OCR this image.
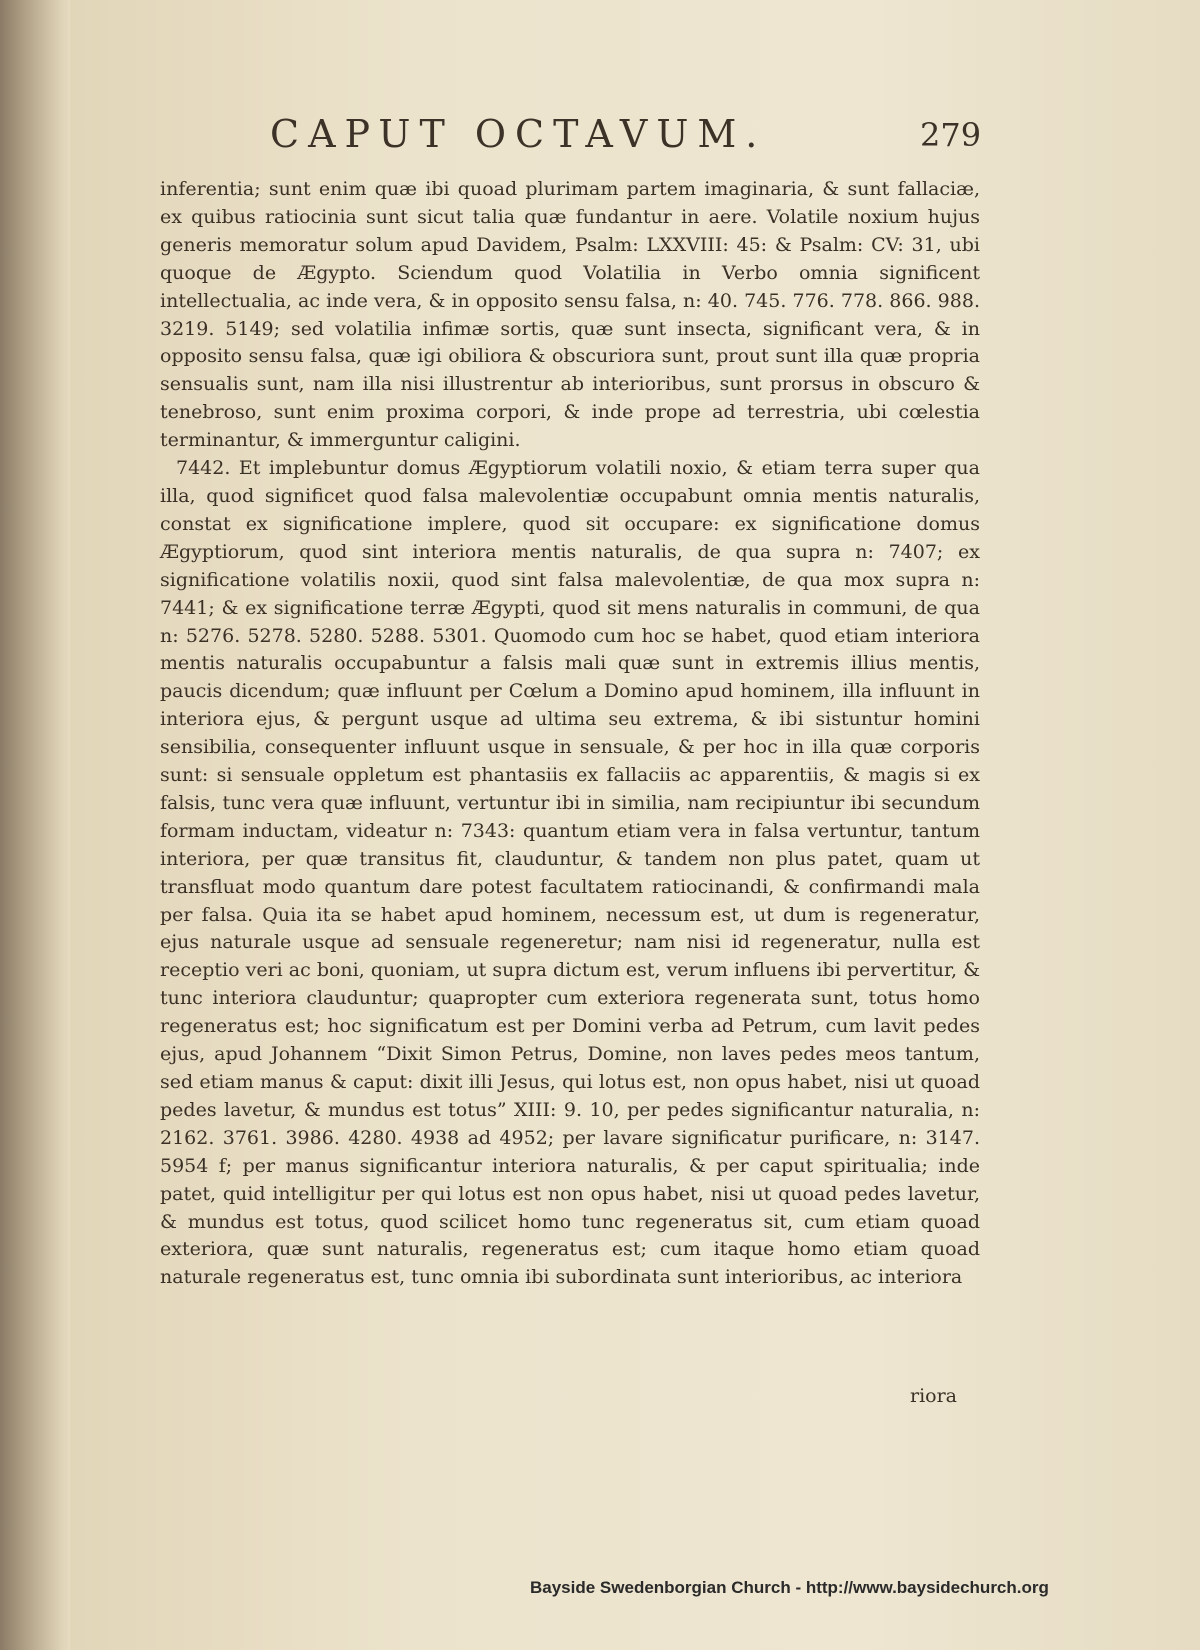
CAPUT OCTAVUM.	279

inferentia; sunt enim quæ ibi quoad plurimam partem imaginaria, & sunt fallaciæ, ex quibus ratiocinia sunt sicut talia quæ fundantur in aere. Volatile noxium hujus generis memoratur solum apud Davidem, Psalm: LXXVIII: 45: & Psalm: CV: 31, ubi quoque de Ægypto. Sciendum quod Volatilia in Verbo omnia significent intellectualia, ac inde vera, & in opposito sensu falsa, n: 40. 745. 776. 778. 866. 988. 3219. 5149; sed volatilia infimæ sortis, quæ sunt insecta, significant vera, & in opposito sensu falsa, quæ igi obiliora & obscuriora sunt, prout sunt illa quæ propria sensualis sunt, nam illa nisi illustrentur ab interioribus, sunt prorsus in obscuro & tenebroso, sunt enim proxima corpori, & inde prope ad terrestria, ubi cœlestia terminantur, & immerguntur caligini.

7442. Et implebuntur domus Ægyptiorum volatili noxio, & etiam terra super qua illa, quod significet quod falsa malevolentiæ occupabunt omnia mentis naturalis, constat ex significatione implere, quod sit occupare: ex significatione domus Ægyptiorum, quod sint interiora mentis naturalis, de qua supra n: 7407; ex significatione volatilis noxii, quod sint falsa malevolentiæ, de qua mox supra n: 7441; & ex significatione terræ Ægypti, quod sit mens naturalis in communi, de qua n: 5276. 5278. 5280. 5288. 5301. Quomodo cum hoc se habet, quod etiam interiora mentis naturalis occupabuntur a falsis mali quæ sunt in extremis illius mentis, paucis dicendum; quæ influunt per Cœlum a Domino apud hominem, illa influunt in interiora ejus, & pergunt usque ad ultima seu extrema, & ibi sistuntur homini sensibilia, consequenter influunt usque in sensuale, & per hoc in illa quæ corporis sunt: si sensuale oppletum est phantasiis ex fallaciis ac apparentiis, & magis si ex falsis, tunc vera quæ influunt, vertuntur ibi in similia, nam recipiuntur ibi secundum formam inductam, videatur n: 7343: quantum etiam vera in falsa vertuntur, tantum interiora, per quæ transitus fit, clauduntur, & tandem non plus patet, quam ut transfluat modo quantum dare potest facultatem ratiocinandi, & confirmandi mala per falsa. Quia ita se habet apud hominem, necessum est, ut dum is regeneratur, ejus naturale usque ad sensuale regeneretur; nam nisi id regeneratur, nulla est receptio veri ac boni, quoniam, ut supra dictum est, verum influens ibi pervertitur, & tunc interiora clauduntur; quapropter cum exteriora regenerata sunt, totus homo regeneratus est; hoc significatum est per Domini verba ad Petrum, cum lavit pedes ejus, apud Johannem “Dixit Simon Petrus, Domine, non laves pedes meos tantum, sed etiam manus & caput: dixit illi Jesus, qui lotus est, non opus habet, nisi ut quoad pedes lavetur, & mundus est totus” XIII: 9. 10, per pedes significantur naturalia, n: 2162. 3761. 3986. 4280. 4938 ad 4952; per lavare significatur purificare, n: 3147. 5954 f; per manus significantur interiora naturalis, & per caput spiritualia; inde patet, quid intelligitur per qui lotus est non opus habet, nisi ut quoad pedes lavetur, & mundus est totus, quod scilicet homo tunc regeneratus sit, cum etiam quoad exteriora, quæ sunt naturalis, regeneratus est; cum itaque homo etiam quoad naturale regeneratus est, tunc omnia ibi subordinata sunt interioribus, ac interiora

riora
Bayside Swedenborgian Church - http://www.baysidechurch.org
